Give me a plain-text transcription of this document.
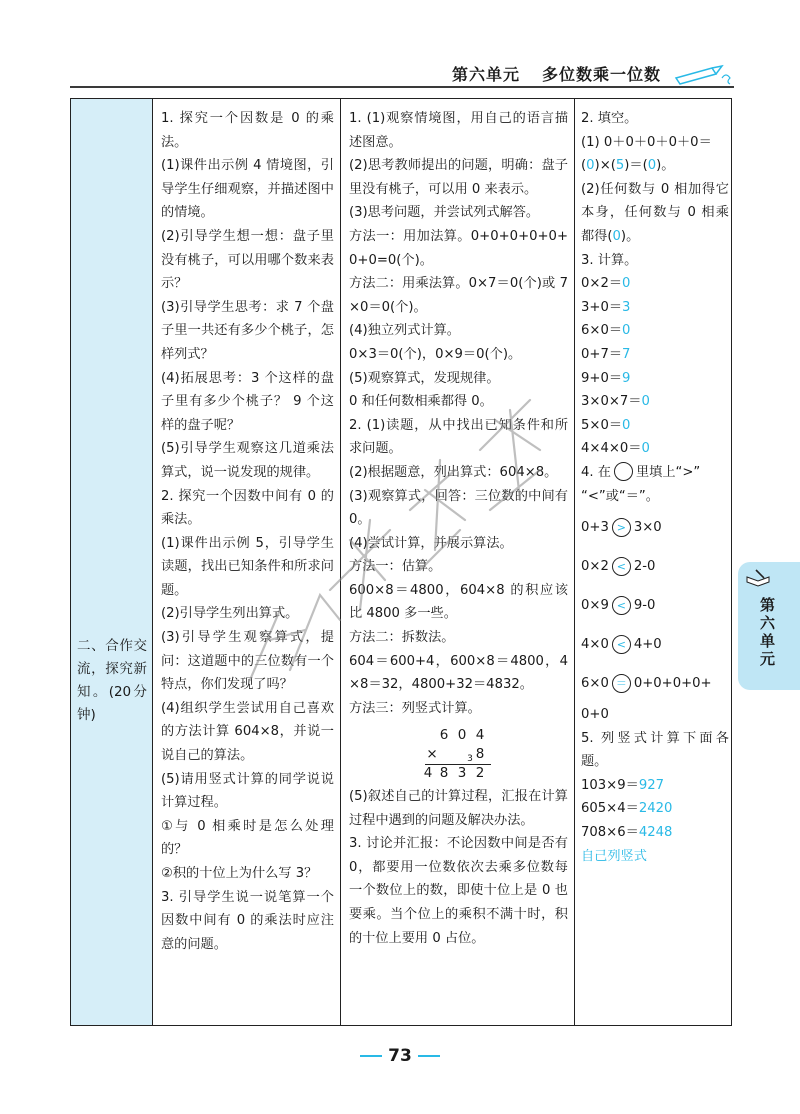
第六单元 多位数乘一位数
二、合作交流，探究新知。(20分钟)
1. 探究一个因数是 0 的乘法。
(1)课件出示例 4 情境图，引导学生仔细观察，并描述图中的情境。
(2)引导学生想一想：盘子里没有桃子，可以用哪个数来表示？
(3)引导学生思考：求 7 个盘子里一共还有多少个桃子，怎样列式？
(4)拓展思考：3 个这样的盘子里有多少个桃子？ 9 个这样的盘子呢？
(5)引导学生观察这几道乘法算式，说一说发现的规律。
2. 探究一个因数中间有 0 的乘法。
(1)课件出示例 5，引导学生读题，找出已知条件和所求问题。
(2)引导学生列出算式。
(3)引导学生观察算式，提问：这道题中的三位数有一个特点，你们发现了吗？
(4)组织学生尝试用自己喜欢的方法计算 604×8，并说一说自己的算法。
(5)请用竖式计算的同学说说计算过程。
①与 0 相乘时是怎么处理的？
②积的十位上为什么写 3？
3. 引导学生说一说笔算一个因数中间有 0 的乘法时应注意的问题。
1. (1)观察情境图，用自己的语言描述图意。
(2)思考教师提出的问题，明确：盘子里没有桃子，可以用 0 来表示。
(3)思考问题，并尝试列式解答。
方法一：用加法算。0+0+0+0+0+0+0=0(个)。
方法二：用乘法算。0×7＝0(个)或 7×0＝0(个)。
(4)独立列式计算。
0×3＝0(个)，0×9＝0(个)。
(5)观察算式，发现规律。
0 和任何数相乘都得 0。
2. (1)读题，从中找出已知条件和所求问题。
(2)根据题意，列出算式：604×8。
(3)观察算式，回答：三位数的中间有 0。
(4)尝试计算，并展示算法。
方法一：估算。
600×8＝4800，604×8 的积应该比 4800 多一些。
方法二：拆数法。
604＝600+4，600×8＝4800，4×8＝32，4800+32＝4832。
方法三：列竖式计算。
6 0 4
×	3 8
4 8 3 2
(5)叙述自己的计算过程，汇报在计算过程中遇到的问题及解决办法。
3. 讨论并汇报：不论因数中间是否有 0，都要用一位数依次去乘多位数每一个数位上的数，即使十位上是 0 也要乘。当个位上的乘积不满十时，积的十位上要用 0 占位。
2. 填空。
(1) 0＋0＋0＋0＋0＝
(0)×(5)＝(0)。
(2)任何数与 0 相加得它本身，任何数与 0 相乘都得(0)。
3. 计算。
0×2＝0
3+0＝3
6×0＝0
0+7＝7
9+0＝9
3×0×7＝0
5×0＝0
4×4×0＝0
4. 在 里填上“>”
“<”或“＝”。
0+3 > 3×0
0×2 < 2-0
0×9 < 9-0
4×0 < 4+0
6×0 ＝ 0+0+0+0+
0+0
5. 列竖式计算下面各题。
103×9＝927
605×4＝2420
708×6＝4248
自己列竖式
第六单元
73
